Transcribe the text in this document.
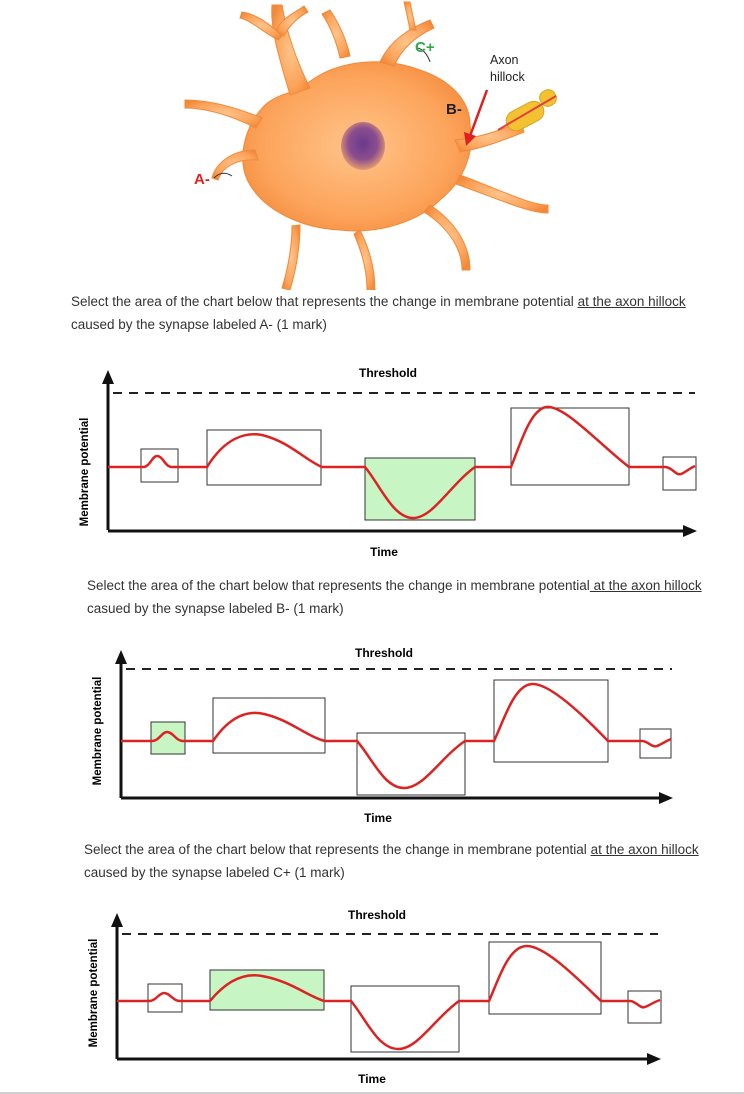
A-
B-
C+
Axon
hillock
Select the area of the chart below that represents the change in membrane potential at the axon hillock caused by the synapse labeled A- (1 mark)
Threshold
Membrane potential
Time
Select the area of the chart below that represents the change in membrane potential at the axon hillock casued by the synapse labeled B- (1 mark)
Threshold
Membrane potential
Time
Select the area of the chart below that represents the change in membrane potential at the axon hillock caused by the synapse labeled C+ (1 mark)
Threshold
Membrane potential
Time
